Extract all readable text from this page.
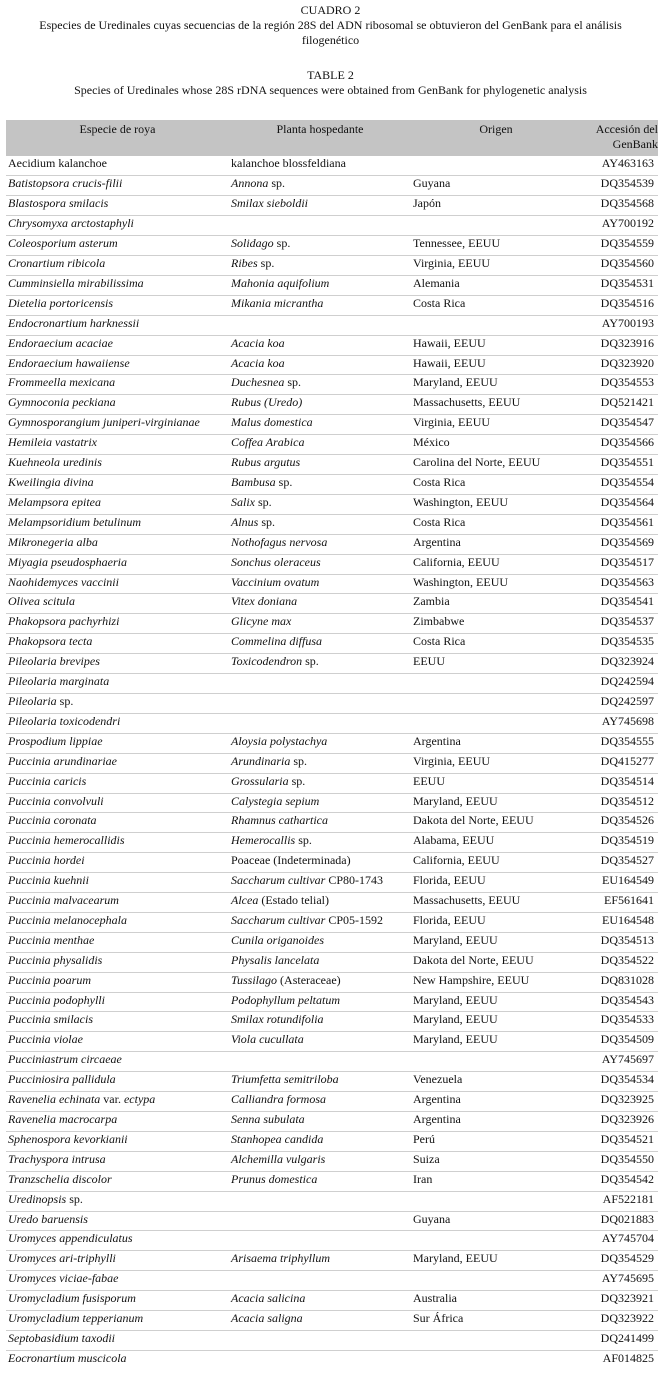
CUADRO 2
Especies de Uredinales cuyas secuencias de la región 28S del ADN ribosomal se obtuvieron del GenBank para el análisis filogenético
TABLE 2
Species of Uredinales whose 28S rDNA sequences were obtained from GenBank for phylogenetic analysis
Especie de roya	Planta hospedante	Origen	Accesión del GenBank
Aecidium kalanchoe	kalanchoe blossfeldiana		AY463163
Batistopsora crucis-filii	Annona sp.	Guyana	DQ354539
Blastospora smilacis	Smilax sieboldii	Japón	DQ354568
Chrysomyxa arctostaphyli			AY700192
Coleosporium asterum	Solidago sp.	Tennessee, EEUU	DQ354559
Cronartium ribicola	Ribes sp.	Virginia, EEUU	DQ354560
Cumminsiella mirabilissima	Mahonia aquifolium	Alemania	DQ354531
Dietelia portoricensis	Mikania micrantha	Costa Rica	DQ354516
Endocronartium harknessii			AY700193
Endoraecium acaciae	Acacia koa	Hawaii, EEUU	DQ323916
Endoraecium hawaiiense	Acacia koa	Hawaii, EEUU	DQ323920
Frommeella mexicana	Duchesnea sp.	Maryland, EEUU	DQ354553
Gymnoconia peckiana	Rubus (Uredo)	Massachusetts, EEUU	DQ521421
Gymnosporangium juniperi-virginianae	Malus domestica	Virginia, EEUU	DQ354547
Hemileia vastatrix	Coffea Arabica	México	DQ354566
Kuehneola uredinis	Rubus argutus	Carolina del Norte, EEUU	DQ354551
Kweilingia divina	Bambusa sp.	Costa Rica	DQ354554
Melampsora epitea	Salix sp.	Washington, EEUU	DQ354564
Melampsoridium betulinum	Alnus sp.	Costa Rica	DQ354561
Mikronegeria alba	Nothofagus nervosa	Argentina	DQ354569
Miyagia pseudosphaeria	Sonchus oleraceus	California, EEUU	DQ354517
Naohidemyces vaccinii	Vaccinium ovatum	Washington, EEUU	DQ354563
Olivea scitula	Vitex doniana	Zambia	DQ354541
Phakopsora pachyrhizi	Glicyne max	Zimbabwe	DQ354537
Phakopsora tecta	Commelina diffusa	Costa Rica	DQ354535
Pileolaria brevipes	Toxicodendron sp.	EEUU	DQ323924
Pileolaria marginata			DQ242594
Pileolaria sp.			DQ242597
Pileolaria toxicodendri			AY745698
Prospodium lippiae	Aloysia polystachya	Argentina	DQ354555
Puccinia arundinariae	Arundinaria sp.	Virginia, EEUU	DQ415277
Puccinia caricis	Grossularia sp.	EEUU	DQ354514
Puccinia convolvuli	Calystegia sepium	Maryland, EEUU	DQ354512
Puccinia coronata	Rhamnus cathartica	Dakota del Norte, EEUU	DQ354526
Puccinia hemerocallidis	Hemerocallis sp.	Alabama, EEUU	DQ354519
Puccinia hordei	Poaceae (Indeterminada)	California, EEUU	DQ354527
Puccinia kuehnii	Saccharum cultivar CP80-1743	Florida, EEUU	EU164549
Puccinia malvacearum	Alcea (Estado telial)	Massachusetts, EEUU	EF561641
Puccinia melanocephala	Saccharum cultivar CP05-1592	Florida, EEUU	EU164548
Puccinia menthae	Cunila origanoides	Maryland, EEUU	DQ354513
Puccinia physalidis	Physalis lancelata	Dakota del Norte, EEUU	DQ354522
Puccinia poarum	Tussilago (Asteraceae)	New Hampshire, EEUU	DQ831028
Puccinia podophylli	Podophyllum peltatum	Maryland, EEUU	DQ354543
Puccinia smilacis	Smilax rotundifolia	Maryland, EEUU	DQ354533
Puccinia violae	Viola cucullata	Maryland, EEUU	DQ354509
Pucciniastrum circaeae			AY745697
Pucciniosira pallidula	Triumfetta semitriloba	Venezuela	DQ354534
Ravenelia echinata var. ectypa	Calliandra formosa	Argentina	DQ323925
Ravenelia macrocarpa	Senna subulata	Argentina	DQ323926
Sphenospora kevorkianii	Stanhopea candida	Perú	DQ354521
Trachyspora intrusa	Alchemilla vulgaris	Suiza	DQ354550
Tranzschelia discolor	Prunus domestica	Iran	DQ354542
Uredinopsis sp.			AF522181
Uredo baruensis		Guyana	DQ021883
Uromyces appendiculatus			AY745704
Uromyces ari-triphylli	Arisaema triphyllum	Maryland, EEUU	DQ354529
Uromyces viciae-fabae			AY745695
Uromycladium fusisporum	Acacia salicina	Australia	DQ323921
Uromycladium tepperianum	Acacia saligna	Sur África	DQ323922
Septobasidium taxodii			DQ241499
Eocronartium muscicola			AF014825
